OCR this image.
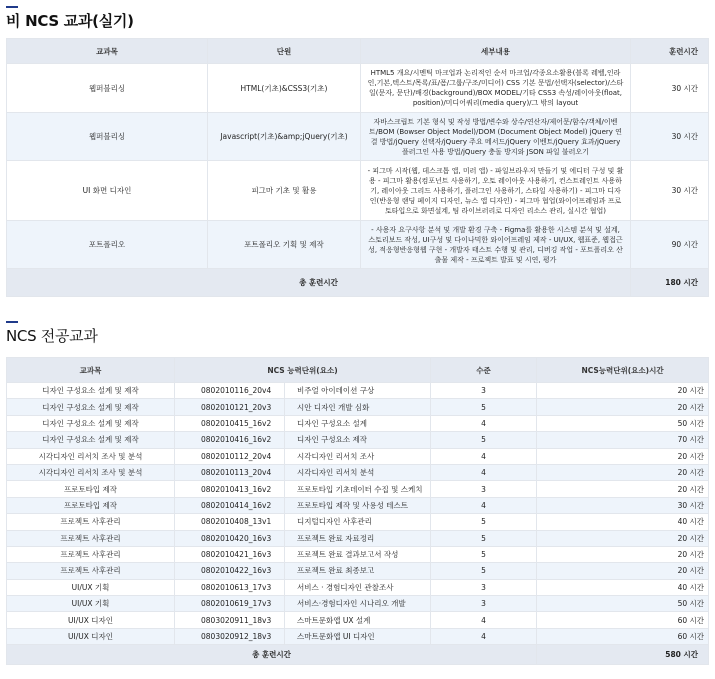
비 NCS 교과(실기)
교과목	단원	세부내용	훈련시간
웹퍼블리싱	HTML(기초)&CSS3(기초)	HTML5 개요/시멘틱 마크업과 논리적인 순서 마크업/각종요소활용(블록 레벨,인라인,기본,텍스트/목록/표/폼/그룹/구조/미디어) CSS 기본 문법/선택자(selector)/스타일(문자, 문단)/배경(background)/BOX MODEL/기타 CSS3 속성/레이아웃(float, position)/미디어쿼리(media query)/그 밖의 layout	30 시간
웹퍼블리싱	Javascript(기초)&amp;jQuery(기초)	자바스크립트 기본 형식 및 작성 방법/변수와 상수/연산자/제어문/함수/객체/이벤트/BOM (Bowser Object Model)/DOM (Document Object Model) jQuery 연결 방법/jQuery 선택자/jQuery 주요 메서드/jQuery 이벤트/jQuery 효과/jQuery 플러그인 사용 방법/jQuery 충돌 방지와 JSON 파일 불러오기	30 시간
UI 화면 디자인	피그마 기초 및 활용	- 피그마 시작(웹, 데스크톱 앱, 미러 앱) - 파일브라우저 만들기 및 에디터 구성 및 활용 - 피그마 활용(컴포넌트 사용하기, 오토 레이아웃 사용하기, 컨스트레인트 사용하기, 레이아웃 그리드 사용하기, 플러그인 사용하기, 스타일 사용하기) - 피그마 디자인(반응형 랜딩 페이지 디자인, 뉴스 앱 디자인) - 피그마 협업(와이어프레임과 프로토타입으로 화면설계, 팀 라이브러리로 디자인 리소스 관리, 실시간 협업)	30 시간
포트폴리오	포트폴리오 기획 및 제작	- 사용자 요구사항 분석 및 개발 환경 구축 - Figma를 활용한 시스템 분석 및 설계, 스토리보드 작성, UI구성 및 다이나믹한 와이어프레임 제작 - UI/UX, 웹표준, 웹접근성, 적응형반응형웹 구현 - 개발자 태스트 수행 및 관리, 디버깅 작업 - 포트폴리오 산출물 제작 - 프로젝트 발표 및 시연, 평가	90 시간
총 훈련시간			180 시간
NCS 전공교과
교과목	NCS 능력단위(요소)		수준	NCS능력단위(요소)시간
디자인 구성요소 설계 및 제작	0802010116_20v4	비주얼 아이데이션 구상	3	20 시간
디자인 구성요소 설계 및 제작	0802010121_20v3	시안 디자인 개발 심화	5	20 시간
디자인 구성요소 설계 및 제작	0802010415_16v2	디자인 구성요소 설계	4	50 시간
디자인 구성요소 설계 및 제작	0802010416_16v2	디자인 구성요소 제작	5	70 시간
시각디자인 리서치 조사 및 분석	0802010112_20v4	시각디자인 리서치 조사	4	20 시간
시각디자인 리서치 조사 및 분석	0802010113_20v4	시각디자인 리서치 분석	4	20 시간
프로토타입 제작	0802010413_16v2	프로토타입 기초데이터 수집 및 스케치	3	20 시간
프로토타입 제작	0802010414_16v2	프로토타입 제작 및 사용성 테스트	4	30 시간
프로젝트 사후관리	0802010408_13v1	디지털디자인 사후관리	5	40 시간
프로젝트 사후관리	0802010420_16v3	프로젝트 완료 자료정리	5	20 시간
프로젝트 사후관리	0802010421_16v3	프로젝트 완료 결과보고서 작성	5	20 시간
프로젝트 사후관리	0802010422_16v3	프로젝트 완료 최종보고	5	20 시간
UI/UX 기획	0802010613_17v3	서비스 · 경험디자인 관찰조사	3	40 시간
UI/UX 기획	0802010619_17v3	서비스·경험디자인 시나리오 개발	3	50 시간
UI/UX 디자인	0803020911_18v3	스마트문화앱 UX 설계	4	60 시간
UI/UX 디자인	0803020912_18v3	스마트문화앱 UI 디자인	4	60 시간
총 훈련시간				580 시간
